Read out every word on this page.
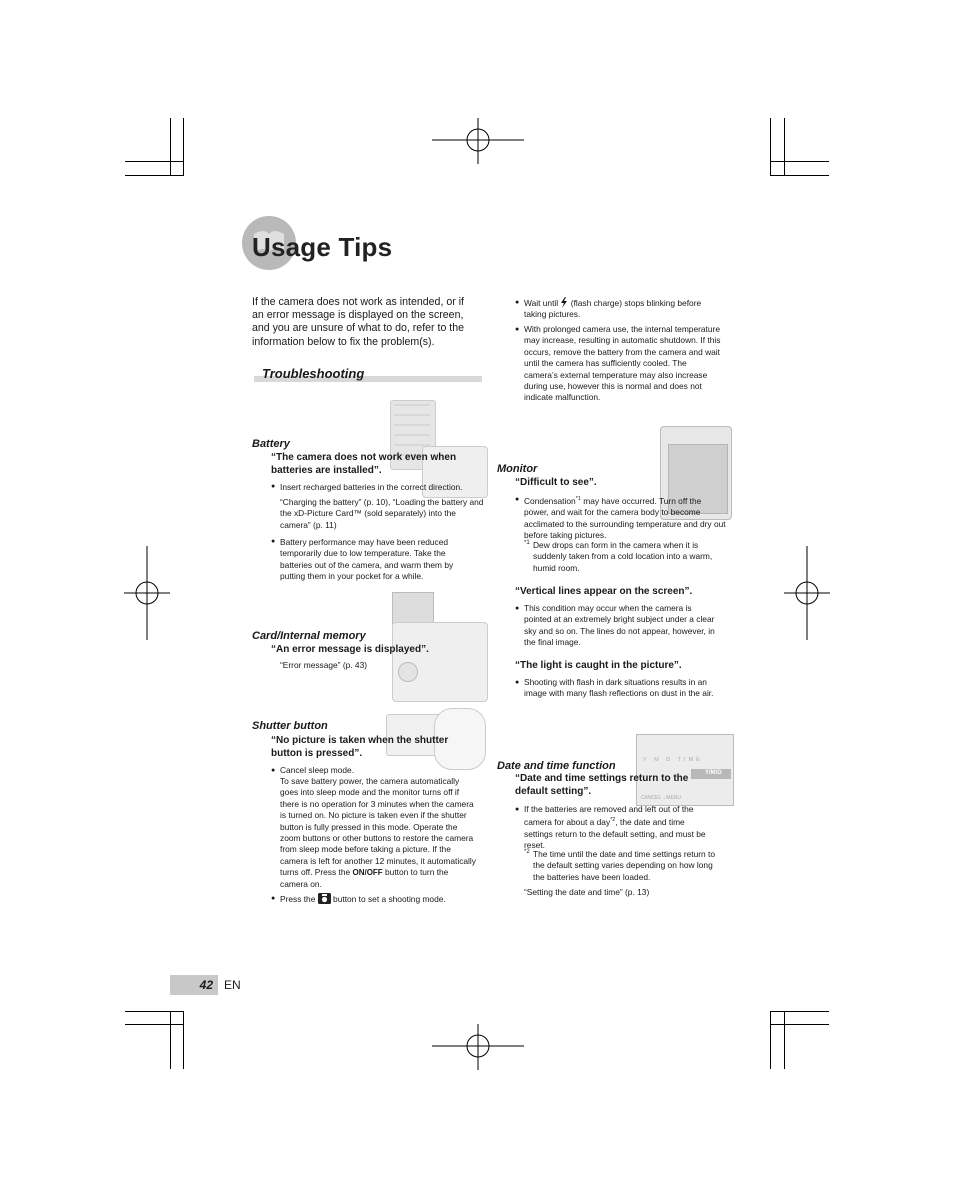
Usage Tips
If the camera does not work as intended, or if an error message is displayed on the screen, and you are unsure of what to do, refer to the information below to fix the problem(s).
Troubleshooting
Battery
“The camera does not work even when batteries are installed”.
● Insert recharged batteries in the correct direction.
“Charging the battery” (p. 10), “Loading the battery and the xD-Picture Card™ (sold separately) into the camera” (p. 11)
● Battery performance may have been reduced temporarily due to low temperature. Take the batteries out of the camera, and warm them by putting them in your pocket for a while.
Card/Internal memory
“An error message is displayed”.
“Error message” (p. 43)
Shutter button
“No picture is taken when the shutter button is pressed”.
● Cancel sleep mode.
To save battery power, the camera automatically goes into sleep mode and the monitor turns off if there is no operation for 3 minutes when the camera is turned on. No picture is taken even if the shutter button is fully pressed in this mode. Operate the zoom buttons or other buttons to restore the camera from sleep mode before taking a picture. If the camera is left for another 12 minutes, it automatically turns off. Press the ON/OFF button to turn the camera on.
● Press the button to set a shooting mode.
● Wait until (flash charge) stops blinking before taking pictures.
● With prolonged camera use, the internal temperature may increase, resulting in automatic shutdown. If this occurs, remove the battery from the camera and wait until the camera has sufficiently cooled. The camera’s external temperature may also increase during use, however this is normal and does not indicate malfunction.
Monitor
“Difficult to see”.
● Condensation$^{*1}$ may have occurred. Turn off the power, and wait for the camera body to become acclimated to the surrounding temperature and dry out before taking pictures.
*1 Dew drops can form in the camera when it is suddenly taken from a cold location into a warm, humid room.
“Vertical lines appear on the screen”.
● This condition may occur when the camera is pointed at an extremely bright subject under a clear sky and so on. The lines do not appear, however, in the final image.
“The light is caught in the picture”.
● Shooting with flash in dark situations results in an image with many flash reflections on dust in the air.
Y M D TIME
Y/M/D
CANCEL→MENU
Date and time function
“Date and time settings return to the default setting”.
● If the batteries are removed and left out of the camera for about a day$^{*2}$, the date and time settings return to the default setting, and must be reset.
*2 The time until the date and time settings return to the default setting varies depending on how long the batteries have been loaded.
“Setting the date and time” (p. 13)
42 EN
